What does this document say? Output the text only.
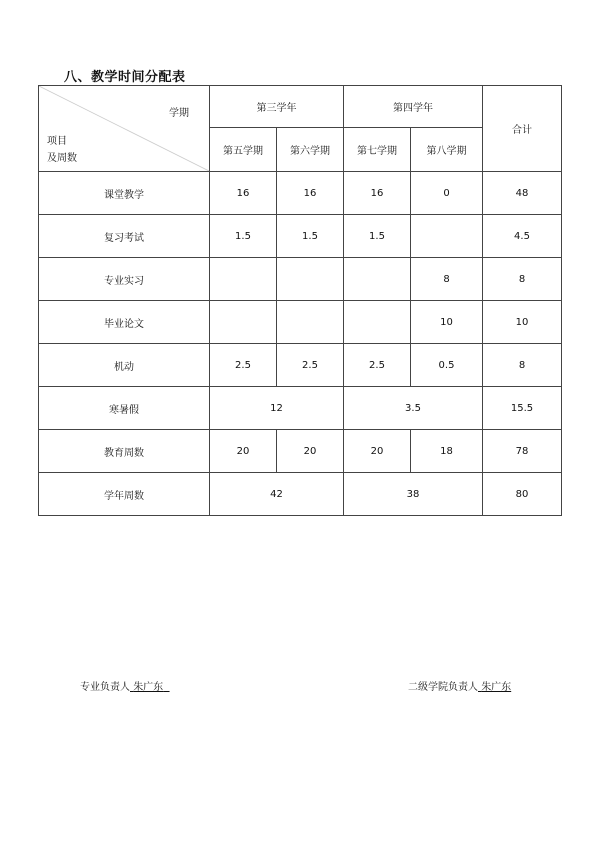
八、教学时间分配表
学期
项目
及周数	第三学年		第四学年		合计
	第五学期	第六学期	第七学期	第八学期	
课堂教学	16	16	16	0	48
复习考试	1.5	1.5	1.5		4.5
专业实习				8	8
毕业论文				10	10
机动	2.5	2.5	2.5	0.5	8
寒暑假	12		3.5		15.5
教育周数	20	20	20	18	78
学年周数	42		38		80
专业负责人 朱广东	二级学院负责人 朱广东
